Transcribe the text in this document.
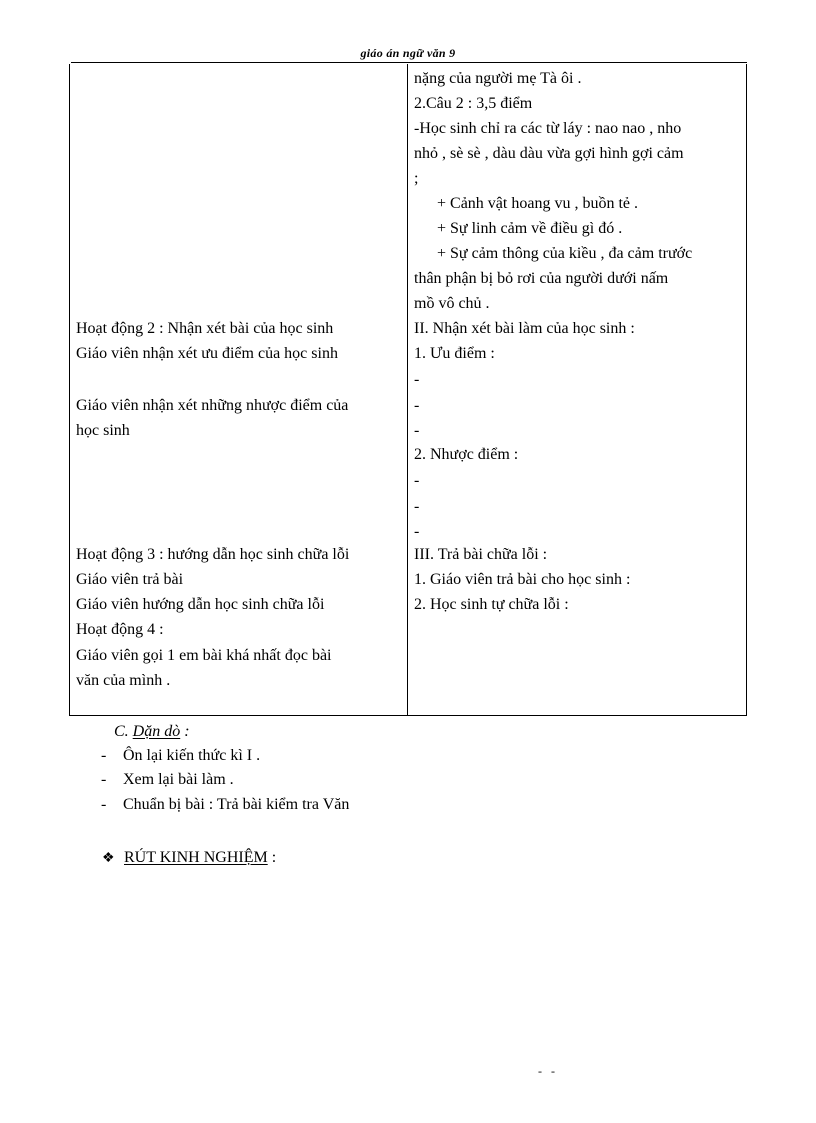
giáo án ngữ văn 9
Hoạt động 2 : Nhận xét bài của học sinh
Giáo viên nhận xét ưu điểm của học sinh
Giáo viên nhận xét những nhược điểm của
học sinh
Hoạt động 3 : hướng dẫn học sinh chữa lỗi
Giáo viên trả bài
Giáo viên hướng dẫn học sinh chữa lỗi
Hoạt động 4 :
Giáo viên gọi 1 em bài khá nhất đọc bài
văn của mình .
nặng của người mẹ Tà ôi .
2.Câu 2 : 3,5 điểm
-Học sinh chỉ ra các từ láy : nao nao , nho
nhỏ , sè sè , dàu dàu vừa gợi hình gợi cảm
;
+ Cảnh vật hoang vu , buồn tẻ .
+ Sự linh cảm về điều gì đó .
+ Sự cảm thông của kiều , đa cảm trước
thân phận bị bỏ rơi của người dưới nấm
mồ vô chủ .
II. Nhận xét bài làm của học sinh :
1. Ưu điểm :
-
-
-
2. Nhược điểm :
-
-
-
III. Trả bài chữa lỗi :
1. Giáo viên trả bài cho học sinh :
2. Học sinh tự chữa lỗi :
C. Dặn dò :
- Ôn lại kiến thức kì I .
- Xem lại bài làm .
- Chuẩn bị bài : Trả bài kiểm tra Văn
❖ RÚT KINH NGHIỆM :
- -
